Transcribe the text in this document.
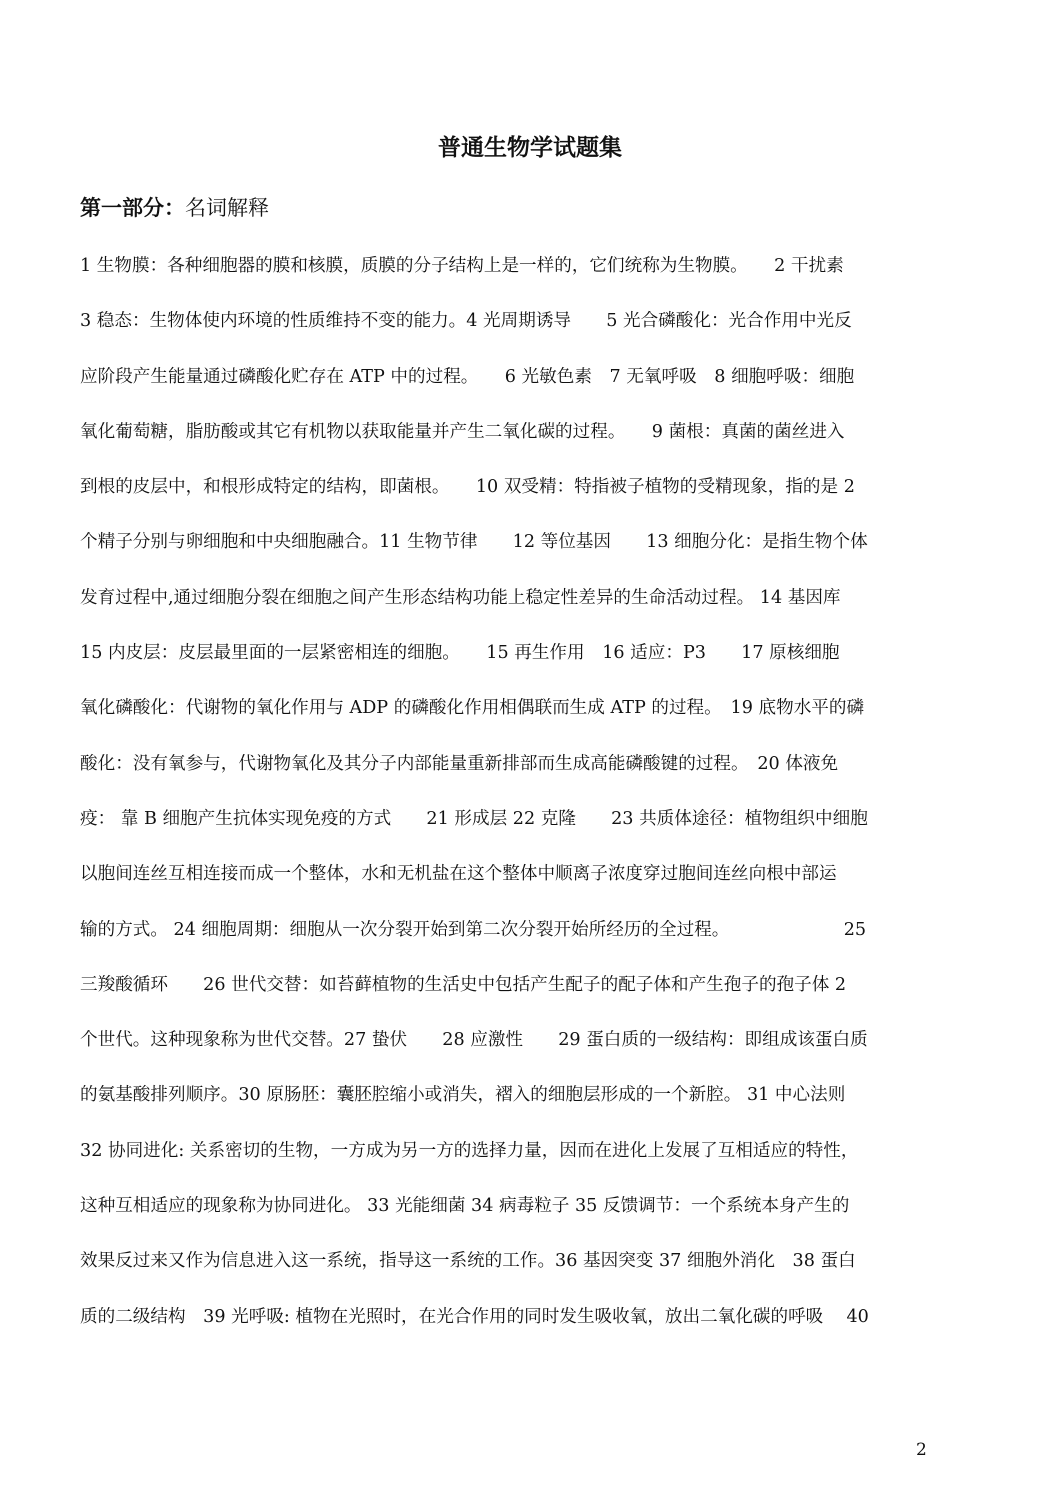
普通生物学试题集
第一部分：名词解释
1 生物膜：各种细胞器的膜和核膜，质膜的分子结构上是一样的，它们统称为生物膜。　　2 干扰素
3 稳态：生物体使内环境的性质维持不变的能力。4 光周期诱导　　5 光合磷酸化：光合作用中光反
应阶段产生能量通过磷酸化贮存在 ATP 中的过程。　　6 光敏色素　7 无氧呼吸　8 细胞呼吸：细胞
氧化葡萄糖，脂肪酸或其它有机物以获取能量并产生二氧化碳的过程。　　9 菌根：真菌的菌丝进入
到根的皮层中，和根形成特定的结构，即菌根。　　10 双受精：特指被子植物的受精现象，指的是 2
个精子分别与卵细胞和中央细胞融合。11 生物节律　　12 等位基因　　13 细胞分化：是指生物个体
发育过程中,通过细胞分裂在细胞之间产生形态结构功能上稳定性差异的生命活动过程。 14 基因库
15 内皮层：皮层最里面的一层紧密相连的细胞。　　15 再生作用　16 适应：P3　　17 原核细胞
氧化磷酸化：代谢物的氧化作用与 ADP 的磷酸化作用相偶联而生成 ATP 的过程。　19 底物水平的磷
酸化：没有氧参与，代谢物氧化及其分子内部能量重新排部而生成高能磷酸键的过程。　20 体液免
疫： 靠 B 细胞产生抗体实现免疫的方式　　21 形成层 22 克隆　　23 共质体途径：植物组织中细胞
以胞间连丝互相连接而成一个整体，水和无机盐在这个整体中顺离子浓度穿过胞间连丝向根中部运
输的方式。 24 细胞周期：细胞从一次分裂开始到第二次分裂开始所经历的全过程。　　　　　　　25
三羧酸循环　　26 世代交替：如苔藓植物的生活史中包括产生配子的配子体和产生孢子的孢子体 2
个世代。这种现象称为世代交替。27 蛰伏　　28 应激性　　29 蛋白质的一级结构：即组成该蛋白质
的氨基酸排列顺序。30 原肠胚：囊胚腔缩小或消失，褶入的细胞层形成的一个新腔。 31 中心法则
32 协同进化: 关系密切的生物，一方成为另一方的选择力量，因而在进化上发展了互相适应的特性，
这种互相适应的现象称为协同进化。 33 光能细菌 34 病毒粒子 35 反馈调节：一个系统本身产生的
效果反过来又作为信息进入这一系统，指导这一系统的工作。36 基因突变 37 细胞外消化　38 蛋白
质的二级结构　39 光呼吸: 植物在光照时，在光合作用的同时发生吸收氧，放出二氧化碳的呼吸　 40
2
